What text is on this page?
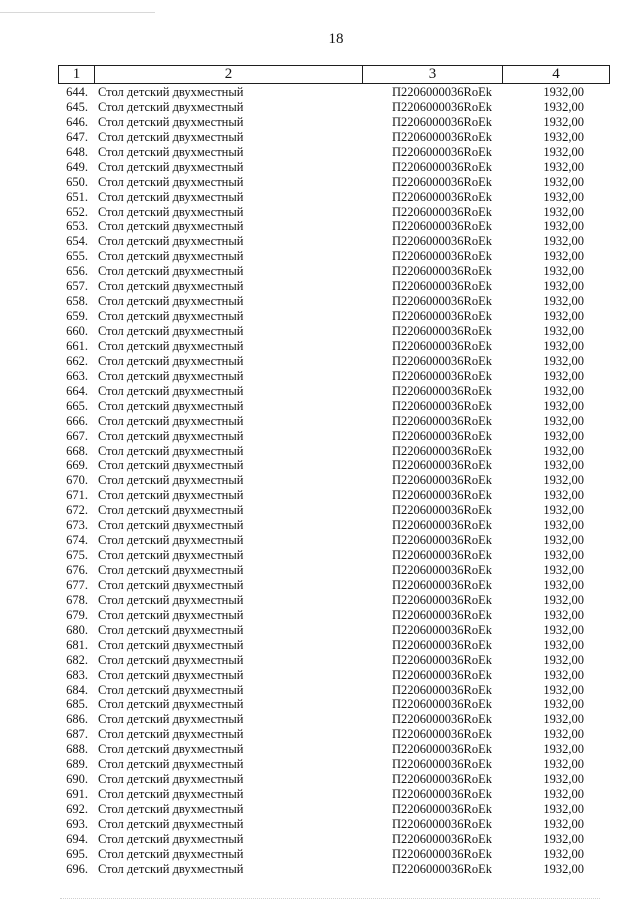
18
1	2	3	4
644. Стол детский двухместный	П2206000036RoEk	1932,00
645. Стол детский двухместный	П2206000036RoEk	1932,00
646. Стол детский двухместный	П2206000036RoEk	1932,00
647. Стол детский двухместный	П2206000036RoEk	1932,00
648. Стол детский двухместный	П2206000036RoEk	1932,00
649. Стол детский двухместный	П2206000036RoEk	1932,00
650. Стол детский двухместный	П2206000036RoEk	1932,00
651. Стол детский двухместный	П2206000036RoEk	1932,00
652. Стол детский двухместный	П2206000036RoEk	1932,00
653. Стол детский двухместный	П2206000036RoEk	1932,00
654. Стол детский двухместный	П2206000036RoEk	1932,00
655. Стол детский двухместный	П2206000036RoEk	1932,00
656. Стол детский двухместный	П2206000036RoEk	1932,00
657. Стол детский двухместный	П2206000036RoEk	1932,00
658. Стол детский двухместный	П2206000036RoEk	1932,00
659. Стол детский двухместный	П2206000036RoEk	1932,00
660. Стол детский двухместный	П2206000036RoEk	1932,00
661. Стол детский двухместный	П2206000036RoEk	1932,00
662. Стол детский двухместный	П2206000036RoEk	1932,00
663. Стол детский двухместный	П2206000036RoEk	1932,00
664. Стол детский двухместный	П2206000036RoEk	1932,00
665. Стол детский двухместный	П2206000036RoEk	1932,00
666. Стол детский двухместный	П2206000036RoEk	1932,00
667. Стол детский двухместный	П2206000036RoEk	1932,00
668. Стол детский двухместный	П2206000036RoEk	1932,00
669. Стол детский двухместный	П2206000036RoEk	1932,00
670. Стол детский двухместный	П2206000036RoEk	1932,00
671. Стол детский двухместный	П2206000036RoEk	1932,00
672. Стол детский двухместный	П2206000036RoEk	1932,00
673. Стол детский двухместный	П2206000036RoEk	1932,00
674. Стол детский двухместный	П2206000036RoEk	1932,00
675. Стол детский двухместный	П2206000036RoEk	1932,00
676. Стол детский двухместный	П2206000036RoEk	1932,00
677. Стол детский двухместный	П2206000036RoEk	1932,00
678. Стол детский двухместный	П2206000036RoEk	1932,00
679. Стол детский двухместный	П2206000036RoEk	1932,00
680. Стол детский двухместный	П2206000036RoEk	1932,00
681. Стол детский двухместный	П2206000036RoEk	1932,00
682. Стол детский двухместный	П2206000036RoEk	1932,00
683. Стол детский двухместный	П2206000036RoEk	1932,00
684. Стол детский двухместный	П2206000036RoEk	1932,00
685. Стол детский двухместный	П2206000036RoEk	1932,00
686. Стол детский двухместный	П2206000036RoEk	1932,00
687. Стол детский двухместный	П2206000036RoEk	1932,00
688. Стол детский двухместный	П2206000036RoEk	1932,00
689. Стол детский двухместный	П2206000036RoEk	1932,00
690. Стол детский двухместный	П2206000036RoEk	1932,00
691. Стол детский двухместный	П2206000036RoEk	1932,00
692. Стол детский двухместный	П2206000036RoEk	1932,00
693. Стол детский двухместный	П2206000036RoEk	1932,00
694. Стол детский двухместный	П2206000036RoEk	1932,00
695. Стол детский двухместный	П2206000036RoEk	1932,00
696. Стол детский двухместный	П2206000036RoEk	1932,00
